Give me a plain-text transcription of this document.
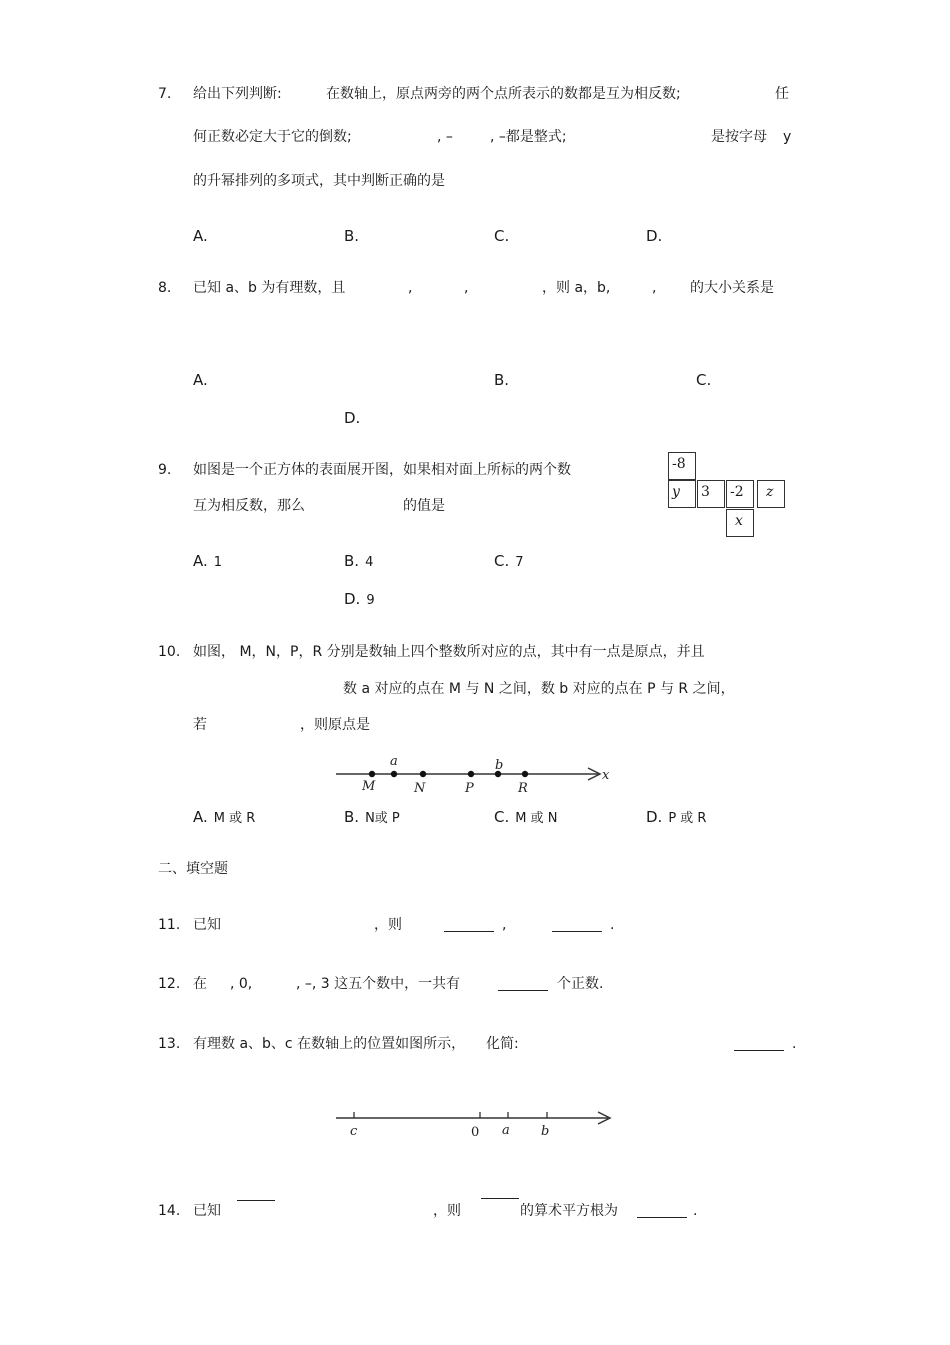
7. 给出下列判断:	在数轴上，原点两旁的两个点所表示的数都是互为相反数;	任
何正数必定大于它的倒数;	, –	, –都是整式;	是按字母 y
的升幂排列的多项式，其中判断正确的是
A.	B.	C.	D.
8. 已知 a、b 为有理数，且	,	,	，则 a，b,	, 的大小关系是
A.	B.	C.
D.
9. 如图是一个正方体的表面展开图，如果相对面上所标的两个数
互为相反数，那么	的值是
-8
y 3 -2 z
x
A. 1	B. 4	C. 7
D. 9
10. 如图， M，N，P，R 分别是数轴上四个整数所对应的点，其中有一点是原点，并且
数 a 对应的点在 M 与 N 之间，数 b 对应的点在 P 与 R 之间，
若	，则原点是
a	b
M	N	P	R
x
A. M 或 R	B. N或 P	C. M 或 N	D. P 或 R
二、填空题
11. 已知	，则	,	.
12. 在 , 0,	, –, 3 这五个数中，一共有	个正数.
13. 有理数 a、b、c 在数轴上的位置如图所示， 化简:	.
c	0 a b
14. 已知	，则	的算术平方根为	.
